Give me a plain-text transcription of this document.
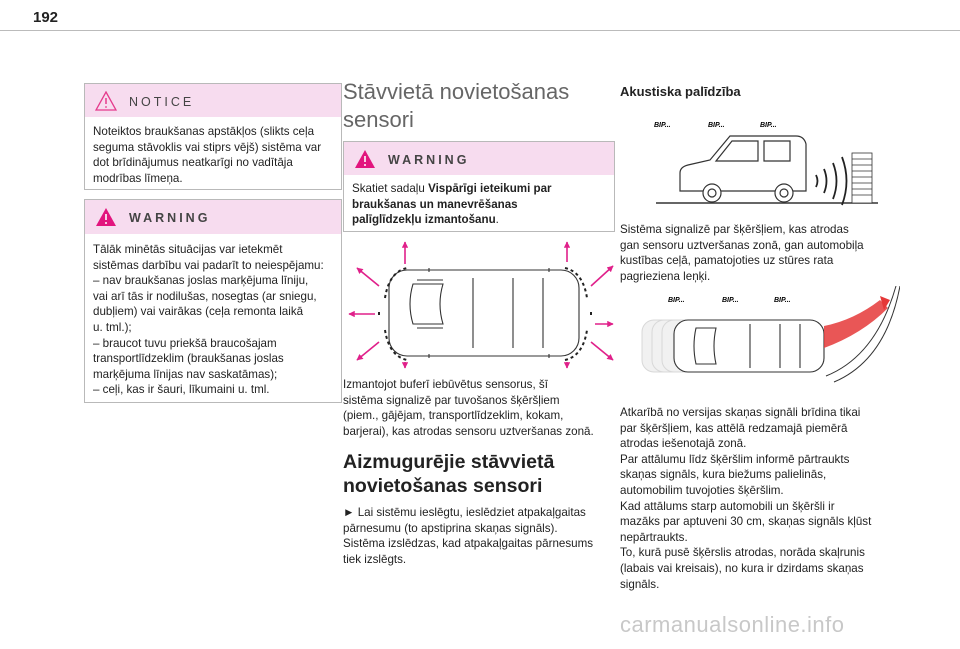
192
NOTICE
Noteiktos braukšanas apstākļos (slikts ceļa
seguma stāvoklis vai stiprs vējš) sistēma var
dot brīdinājumus neatkarīgi no vadītāja
modrības līmeņa.
WARNING
Tālāk minētās situācijas var ietekmēt
sistēmas darbību vai padarīt to neiespējamu:
– nav braukšanas joslas marķējuma līniju,
vai arī tās ir nodilušas, nosegtas (ar sniegu,
dubļiem) vai vairākas (ceļa remonta laikā
u. tml.);
– braucot tuvu priekšā braucošajam
transportlīdzeklim (braukšanas joslas
marķējuma līnijas nav saskatāmas);
– ceļi, kas ir šauri, līkumaini u. tml.
Stāvvietā novietošanas
sensori
WARNING
Skatiet sadaļu Vispārīgi ieteikumi par
braukšanas un manevrēšanas
palīglīdzekļu izmantošanu.
Izmantojot buferī iebūvētus sensorus, šī
sistēma signalizē par tuvošanos šķēršļiem
(piem., gājējam, transportlīdzeklim, kokam,
barjerai), kas atrodas sensoru uztveršanas zonā.
Aizmugurējie stāvvietā
novietošanas sensori
► Lai sistēmu ieslēgtu, ieslēdziet atpakaļgaitas
pārnesumu (to apstiprina skaņas signāls).
Sistēma izslēdzas, kad atpakaļgaitas pārnesums
tiek izslēgts.
Akustiska palīdzība
BIP...	BIP...	BIP...
Sistēma signalizē par šķēršļiem, kas atrodas
gan sensoru uztveršanas zonā, gan automobiļa
kustības ceļā, pamatojoties uz stūres rata
pagrieziena leņķi.
BIP...	BIP...	BIP...
Atkarībā no versijas skaņas signāli brīdina tikai
par šķēršļiem, kas attēlā redzamajā piemērā
atrodas iešenotajā zonā.
Par attālumu līdz šķēršlim informē pārtraukts
skaņas signāls, kura biežums palielinās,
automobilim tuvojoties šķēršlim.
Kad attālums starp automobili un šķēršli ir
mazāks par aptuveni 30 cm, skaņas signāls kļūst
nepārtraukts.
To, kurā pusē šķērslis atrodas, norāda skaļrunis
(labais vai kreisais), no kura ir dzirdams skaņas
signāls.
carmanualsonline.info
